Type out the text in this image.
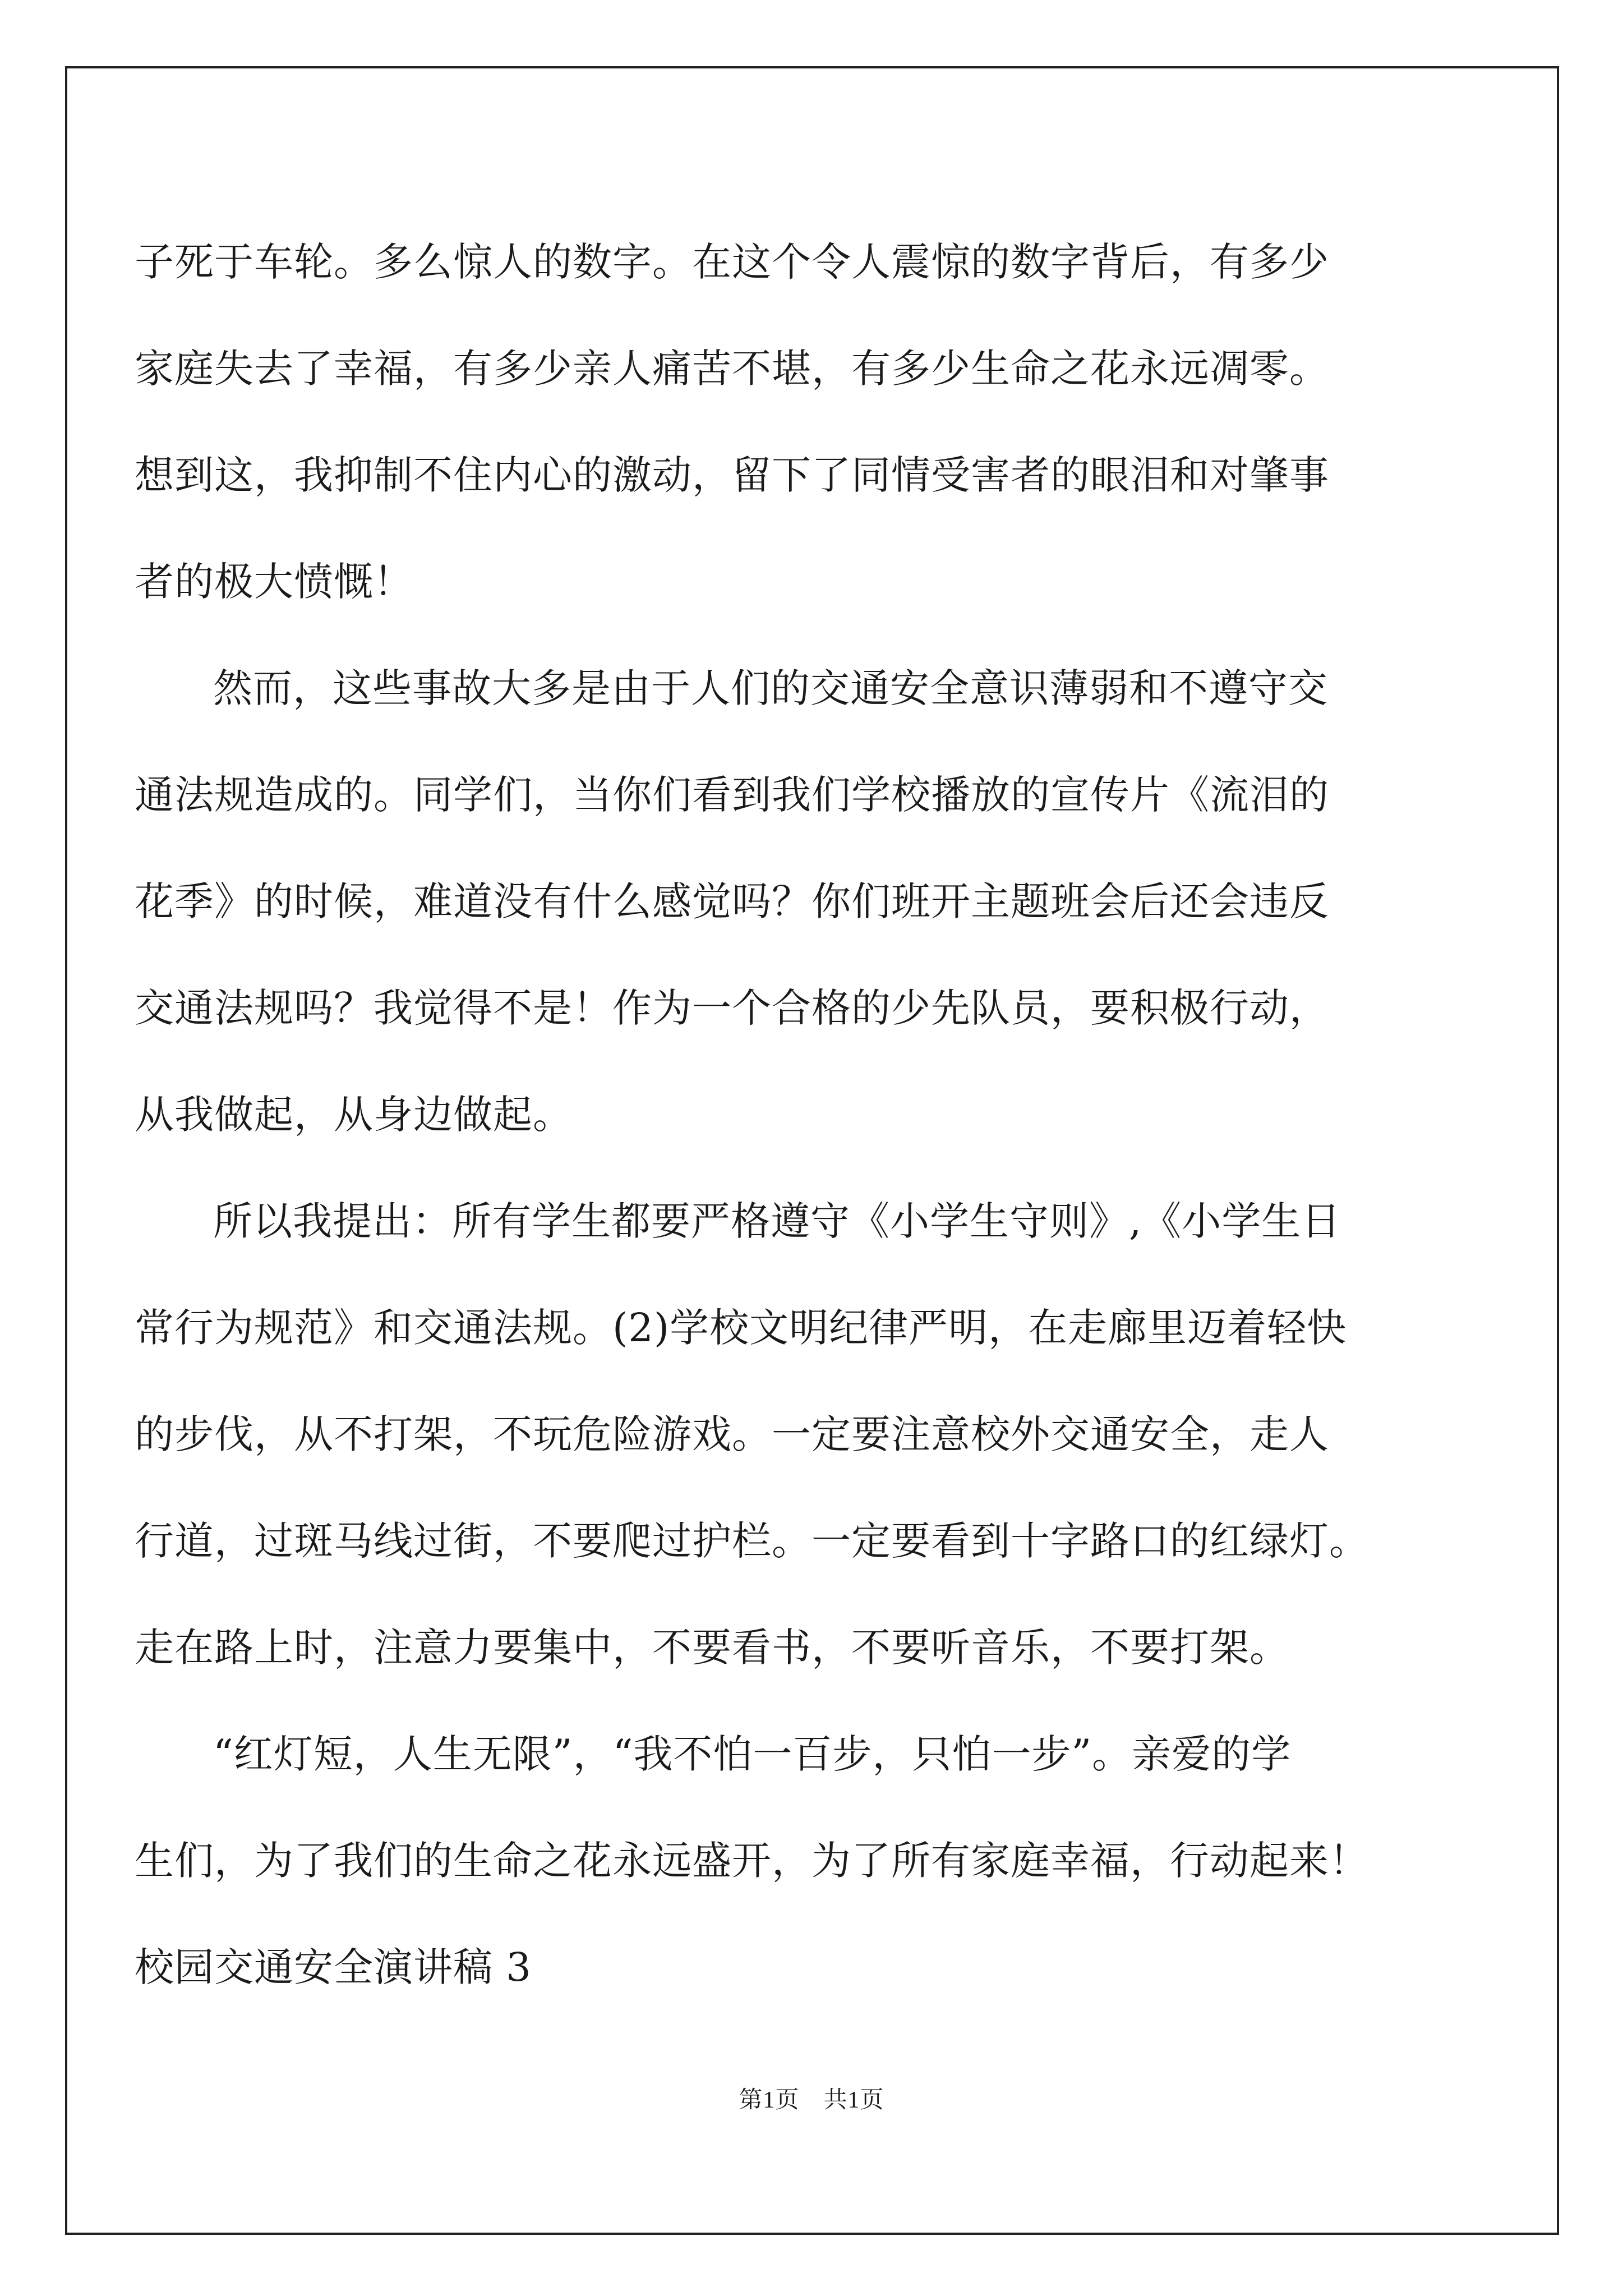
子死于车轮。多么惊人的数字。在这个令人震惊的数字背后，有多少
家庭失去了幸福，有多少亲人痛苦不堪，有多少生命之花永远凋零。
想到这，我抑制不住内心的激动，留下了同情受害者的眼泪和对肇事
者的极大愤慨！
然而，这些事故大多是由于人们的交通安全意识薄弱和不遵守交
通法规造成的。同学们，当你们看到我们学校播放的宣传片《流泪的
花季》的时候，难道没有什么感觉吗？你们班开主题班会后还会违反
交通法规吗？我觉得不是！作为一个合格的少先队员，要积极行动，
从我做起，从身边做起。
所以我提出：所有学生都要严格遵守《小学生守则》,《小学生日
常行为规范》和交通法规。(2)学校文明纪律严明，在走廊里迈着轻快
的步伐，从不打架，不玩危险游戏。一定要注意校外交通安全，走人
行道，过斑马线过街，不要爬过护栏。一定要看到十字路口的红绿灯。
走在路上时，注意力要集中，不要看书，不要听音乐，不要打架。
“红灯短，人生无限”，“我不怕一百步，只怕一步”。亲爱的学
生们，为了我们的生命之花永远盛开，为了所有家庭幸福，行动起来！
校园交通安全演讲稿 3
第1页　共1页
